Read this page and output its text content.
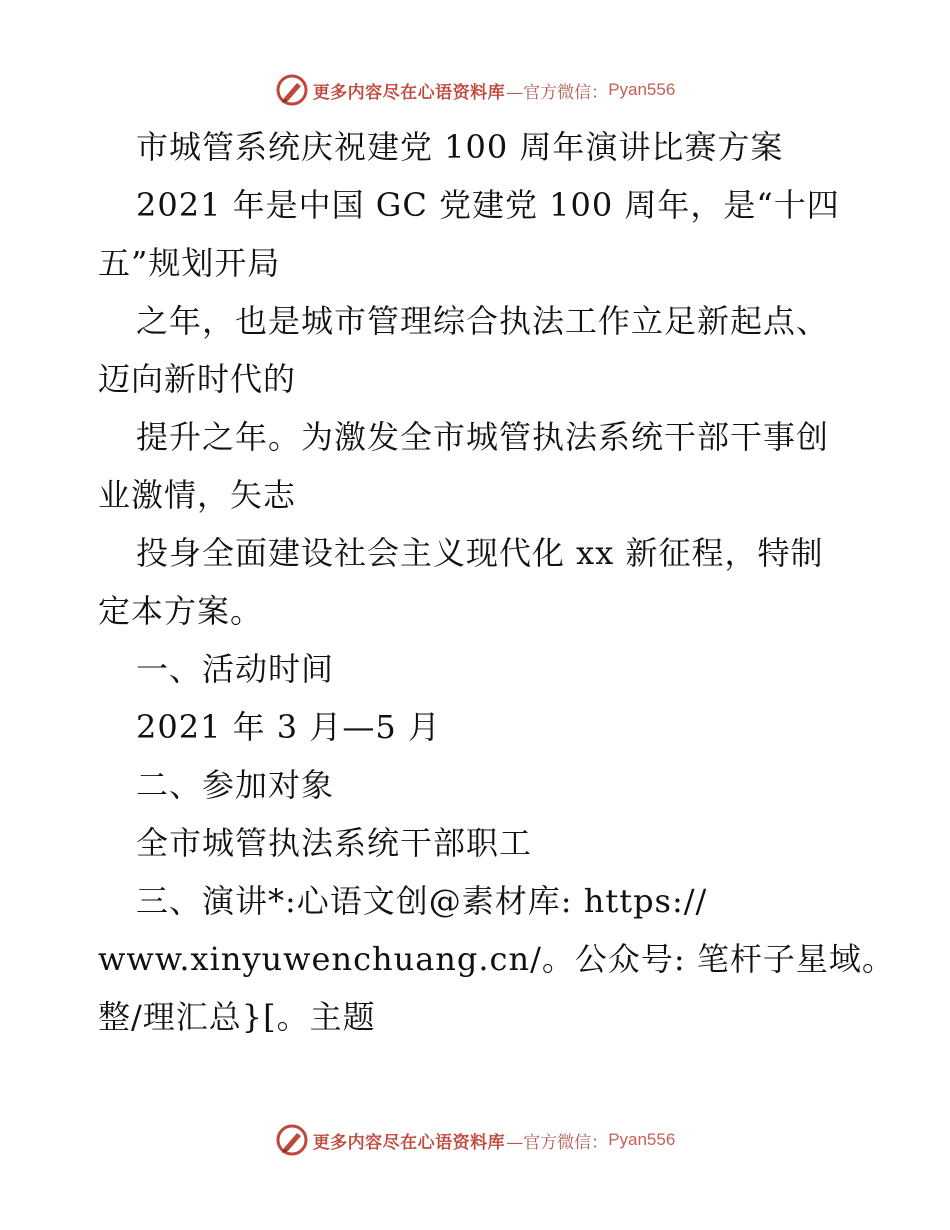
更多内容尽在心语资料库 —官方微信： Pyan556
市城管系统庆祝建党 100 周年演讲比赛方案
2021 年是中国 GC 党建党 100 周年，是“十四
五”规划开局
之年，也是城市管理综合执法工作立足新起点、
迈向新时代的
提升之年。为激发全市城管执法系统干部干事创
业激情，矢志
投身全面建设社会主义现代化 xx 新征程，特制
定本方案。
一、活动时间
2021 年 3 月—5 月
二、参加对象
全市城管执法系统干部职工
三、演讲*:心语文创@素材库: https://
www.xinyuwenchuang.cn/。公众号: 笔杆子星域。
整/理汇总}[。主题
更多内容尽在心语资料库 —官方微信： Pyan556
